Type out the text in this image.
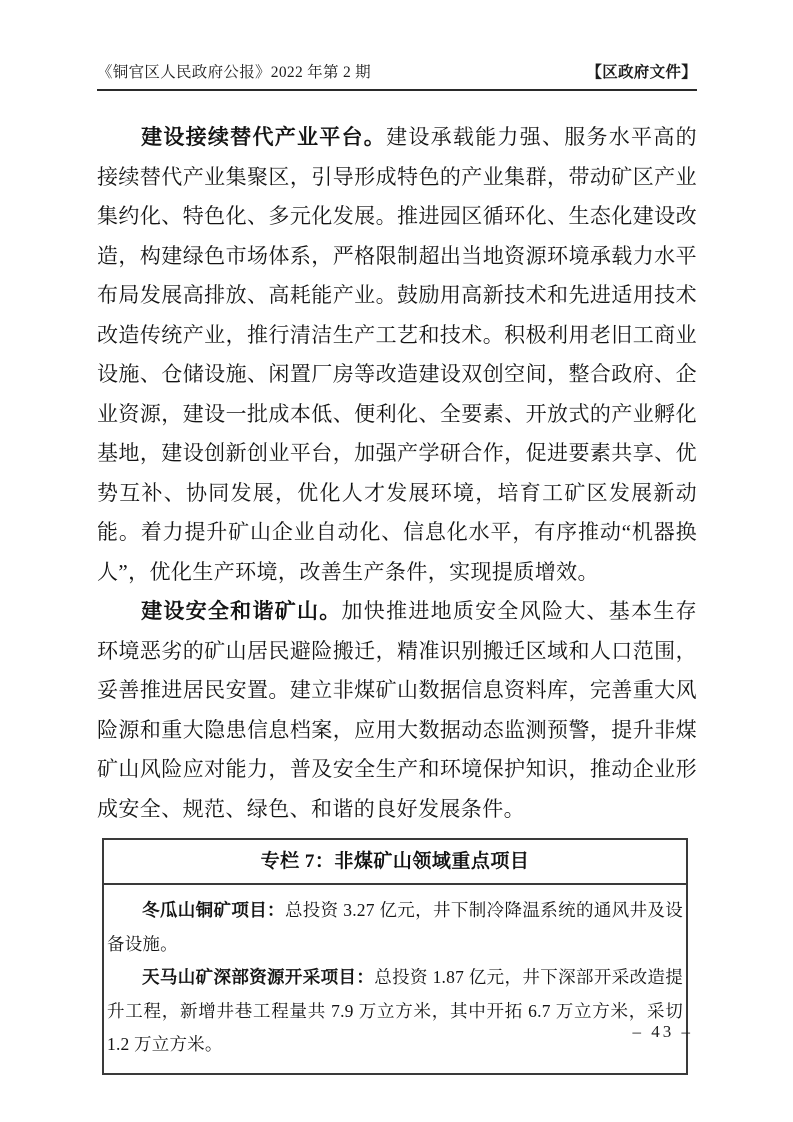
《铜官区人民政府公报》2022 年第 2 期	【区政府文件】

建设接续替代产业平台。建设承载能力强、服务水平高的接续替代产业集聚区，引导形成特色的产业集群，带动矿区产业集约化、特色化、多元化发展。推进园区循环化、生态化建设改造，构建绿色市场体系，严格限制超出当地资源环境承载力水平布局发展高排放、高耗能产业。鼓励用高新技术和先进适用技术改造传统产业，推行清洁生产工艺和技术。积极利用老旧工商业设施、仓储设施、闲置厂房等改造建设双创空间，整合政府、企业资源，建设一批成本低、便利化、全要素、开放式的产业孵化基地，建设创新创业平台，加强产学研合作，促进要素共享、优势互补、协同发展，优化人才发展环境，培育工矿区发展新动能。着力提升矿山企业自动化、信息化水平，有序推动“机器换人”，优化生产环境，改善生产条件，实现提质增效。

建设安全和谐矿山。加快推进地质安全风险大、基本生存环境恶劣的矿山居民避险搬迁，精准识别搬迁区域和人口范围，妥善推进居民安置。建立非煤矿山数据信息资料库，完善重大风险源和重大隐患信息档案，应用大数据动态监测预警，提升非煤矿山风险应对能力，普及安全生产和环境保护知识，推动企业形成安全、规范、绿色、和谐的良好发展条件。

专栏 7：非煤矿山领域重点项目

冬瓜山铜矿项目：总投资 3.27 亿元，井下制冷降温系统的通风井及设备设施。

天马山矿深部资源开采项目：总投资 1.87 亿元，井下深部开采改造提升工程，新增井巷工程量共 7.9 万立方米，其中开拓 6.7 万立方米，采切 1.2 万立方米。

– 43 –
